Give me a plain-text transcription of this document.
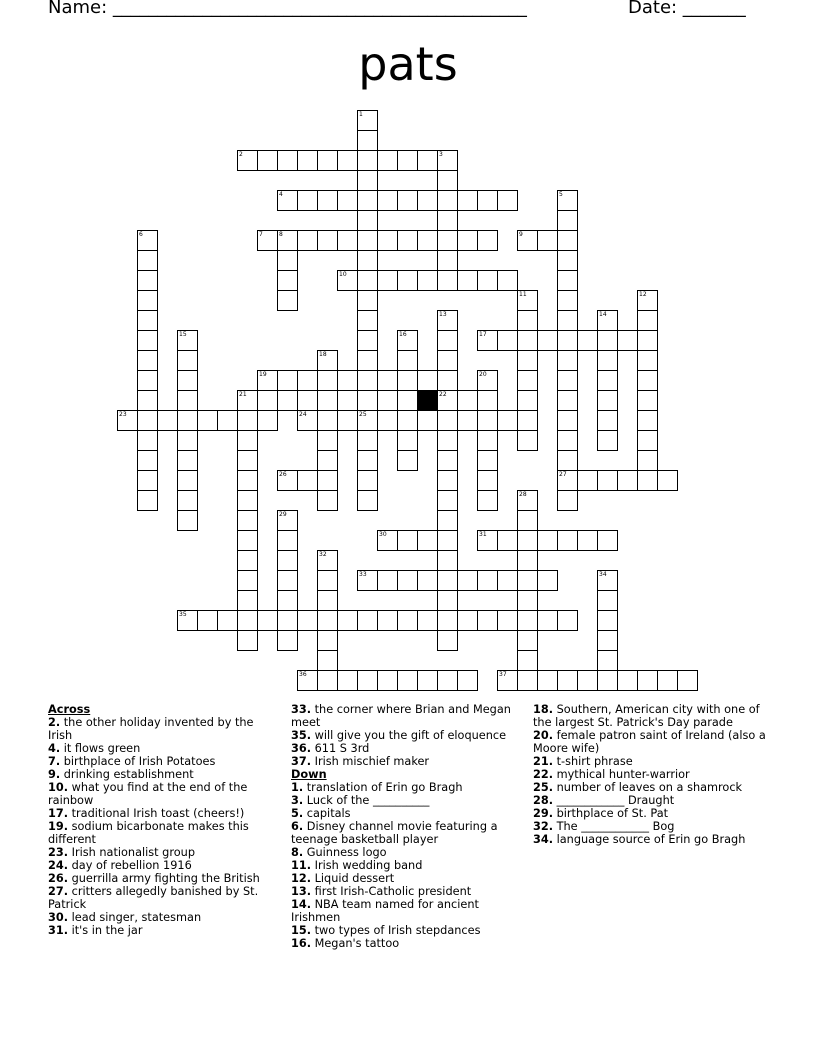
Name: ______________________________________________	Date: _______
pats
2
4
7	8	9
10
17
19
21	22
23	24	25
26	27
30	31
33
35
36	37
1
3
5
6
11	12
13	14
15	16
18
20
28
29
32
34
Across
2. the other holiday invented by the Irish
4. it flows green
7. birthplace of Irish Potatoes
9. drinking establishment
10. what you find at the end of the rainbow
17. traditional Irish toast (cheers!)
19. sodium bicarbonate makes this different
23. Irish nationalist group
24. day of rebellion 1916
26. guerrilla army fighting the British
27. critters allegedly banished by St. Patrick
30. lead singer, statesman
31. it's in the jar
33. the corner where Brian and Megan meet
35. will give you the gift of eloquence
36. 611 S 3rd
37. Irish mischief maker
Down
1. translation of Erin go Bragh
3. Luck of the __________
5. capitals
6. Disney channel movie featuring a teenage basketball player
8. Guinness logo
11. Irish wedding band
12. Liquid dessert
13. first Irish-Catholic president
14. NBA team named for ancient Irishmen
15. two types of Irish stepdances
16. Megan's tattoo
18. Southern, American city with one of the largest St. Patrick's Day parade
20. female patron saint of Ireland (also a Moore wife)
21. t-shirt phrase
22. mythical hunter-warrior
25. number of leaves on a shamrock
28. ____________ Draught
29. birthplace of St. Pat
32. The ____________ Bog
34. language source of Erin go Bragh
